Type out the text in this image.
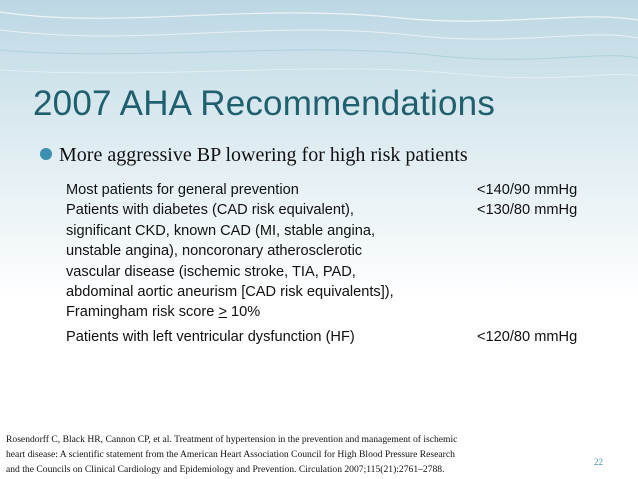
2007 AHA Recommendations
More aggressive BP lowering for high risk patients
Most patients for general prevention	<140/90 mmHg
Patients with diabetes (CAD risk equivalent),
significant CKD, known CAD (MI, stable angina,
unstable angina), noncoronary atherosclerotic
vascular disease (ischemic stroke, TIA, PAD,
abdominal aortic aneurism [CAD risk equivalents]),
Framingham risk score ≥ 10%
<130/80 mmHg
Patients with left ventricular dysfunction (HF)	<120/80 mmHg
Rosendorff C, Black HR, Cannon CP, et al. Treatment of hypertension in the prevention and management of ischemic
heart disease: A scientific statement from the American Heart Association Council for High Blood Pressure Research
and the Councils on Clinical Cardiology and Epidemiology and Prevention. Circulation 2007;115(21):2761–2788.
22
